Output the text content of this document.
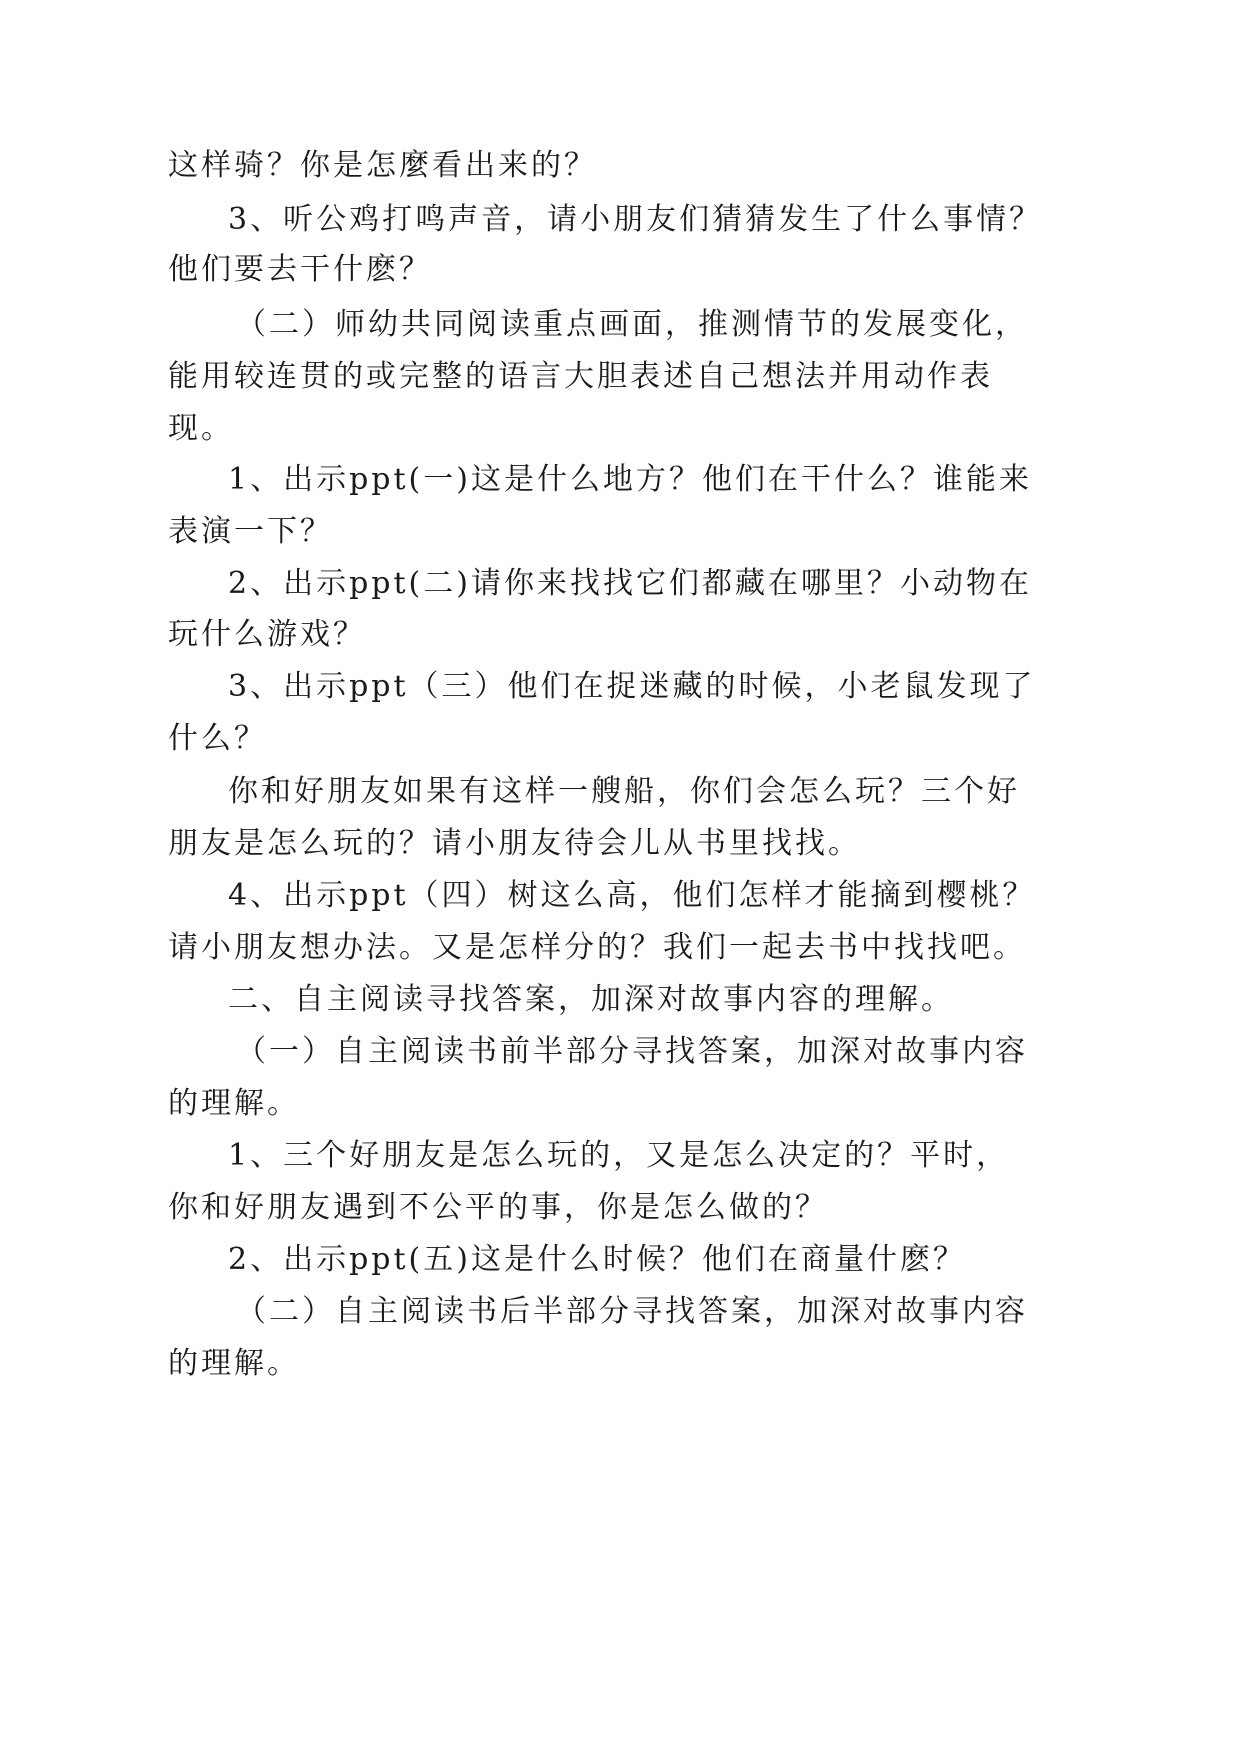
这样骑？你是怎麼看出来的？
3、听公鸡打鸣声音，请小朋友们猜猜发生了什么事情？
他们要去干什麽？
（二）师幼共同阅读重点画面，推测情节的发展变化，
能用较连贯的或完整的语言大胆表述自己想法并用动作表
现。
1、出示ppt(一)这是什么地方？他们在干什么？谁能来
表演一下？
2、出示ppt(二)请你来找找它们都藏在哪里？小动物在
玩什么游戏？
3、出示ppt（三）他们在捉迷藏的时候，小老鼠发现了
什么？
你和好朋友如果有这样一艘船，你们会怎么玩？三个好
朋友是怎么玩的？请小朋友待会儿从书里找找。
4、出示ppt（四）树这么高，他们怎样才能摘到樱桃？
请小朋友想办法。又是怎样分的？我们一起去书中找找吧。
二、自主阅读寻找答案，加深对故事内容的理解。
（一）自主阅读书前半部分寻找答案，加深对故事内容
的理解。
1、三个好朋友是怎么玩的，又是怎么决定的？平时，
你和好朋友遇到不公平的事，你是怎么做的？
2、出示ppt(五)这是什么时候？他们在商量什麽？
（二）自主阅读书后半部分寻找答案，加深对故事内容
的理解。
